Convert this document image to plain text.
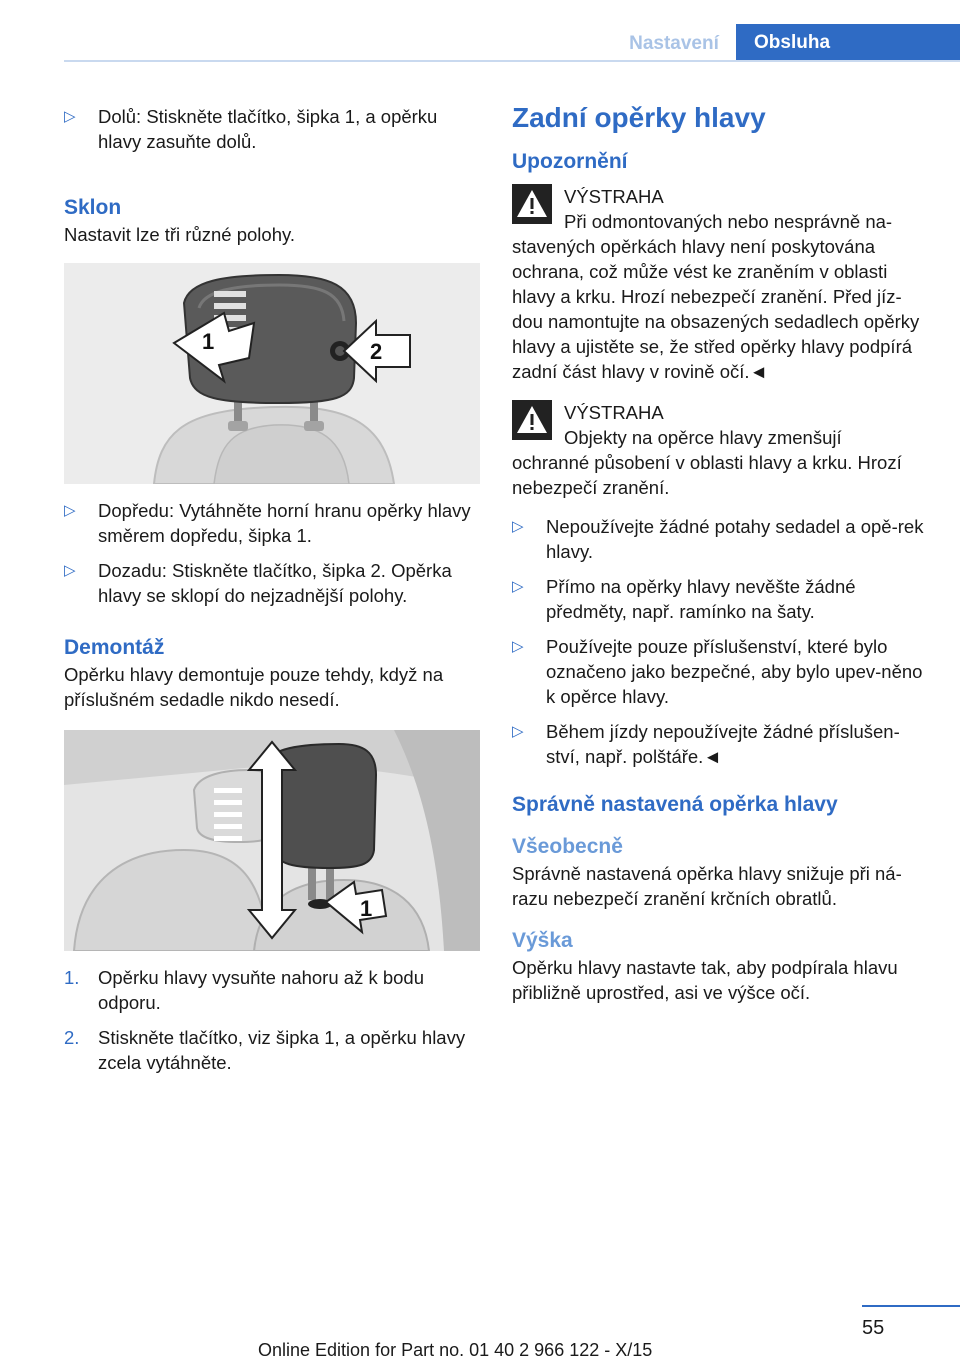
Nastavení	Obsluha
▷ Dolů: Stiskněte tlačítko, šipka 1, a opěrku hlavy zasuňte dolů.

Sklon

Nastavit lze tři různé polohy.

1	2
▷ Dopředu: Vytáhněte horní hranu opěrky hlavy směrem dopředu, šipka 1.
▷ Dozadu: Stiskněte tlačítko, šipka 2. Opěrka hlavy se sklopí do nejzadnější polohy.

Demontáž

Opěrku hlavy demontuje pouze tehdy, když na příslušném sedadle nikdo nesedí.

1
1. Opěrku hlavy vysuňte nahoru až k bodu odporu.
2. Stiskněte tlačítko, viz šipka 1, a opěrku hlavy zcela vytáhněte.

Zadní opěrky hlavy

Upozornění

VÝSTRAHA

Při odmontovaných nebo nesprávně na-

stavených opěrkách hlavy není poskytována ochrana, což může vést ke zraněním v oblasti hlavy a krku. Hrozí nebezpečí zranění. Před jíz-dou namontujte na obsazených sedadlech opěrky hlavy a ujistěte se, že střed opěrky hlavy podpírá zadní část hlavy v rovině očí.◄

VÝSTRAHA

Objekty na opěrce hlavy zmenšují

ochranné působení v oblasti hlavy a krku. Hrozí nebezpečí zranění.

▷ Nepoužívejte žádné potahy sedadel a opě-rek hlavy.
▷ Přímo na opěrky hlavy nevěšte žádné předměty, např. ramínko na šaty.
▷ Používejte pouze příslušenství, které bylo označeno jako bezpečné, aby bylo upev-něno k opěrce hlavy.
▷ Během jízdy nepoužívejte žádné příslušen-ství, např. polštáře.◄

Správně nastavená opěrka hlavy

Všeobecně

Správně nastavená opěrka hlavy snižuje při ná-razu nebezpečí zranění krčních obratlů.

Výška

Opěrku hlavy nastavte tak, aby podpírala hlavu přibližně uprostřed, asi ve výšce očí.

55
Online Edition for Part no. 01 40 2 966 122 - X/15
